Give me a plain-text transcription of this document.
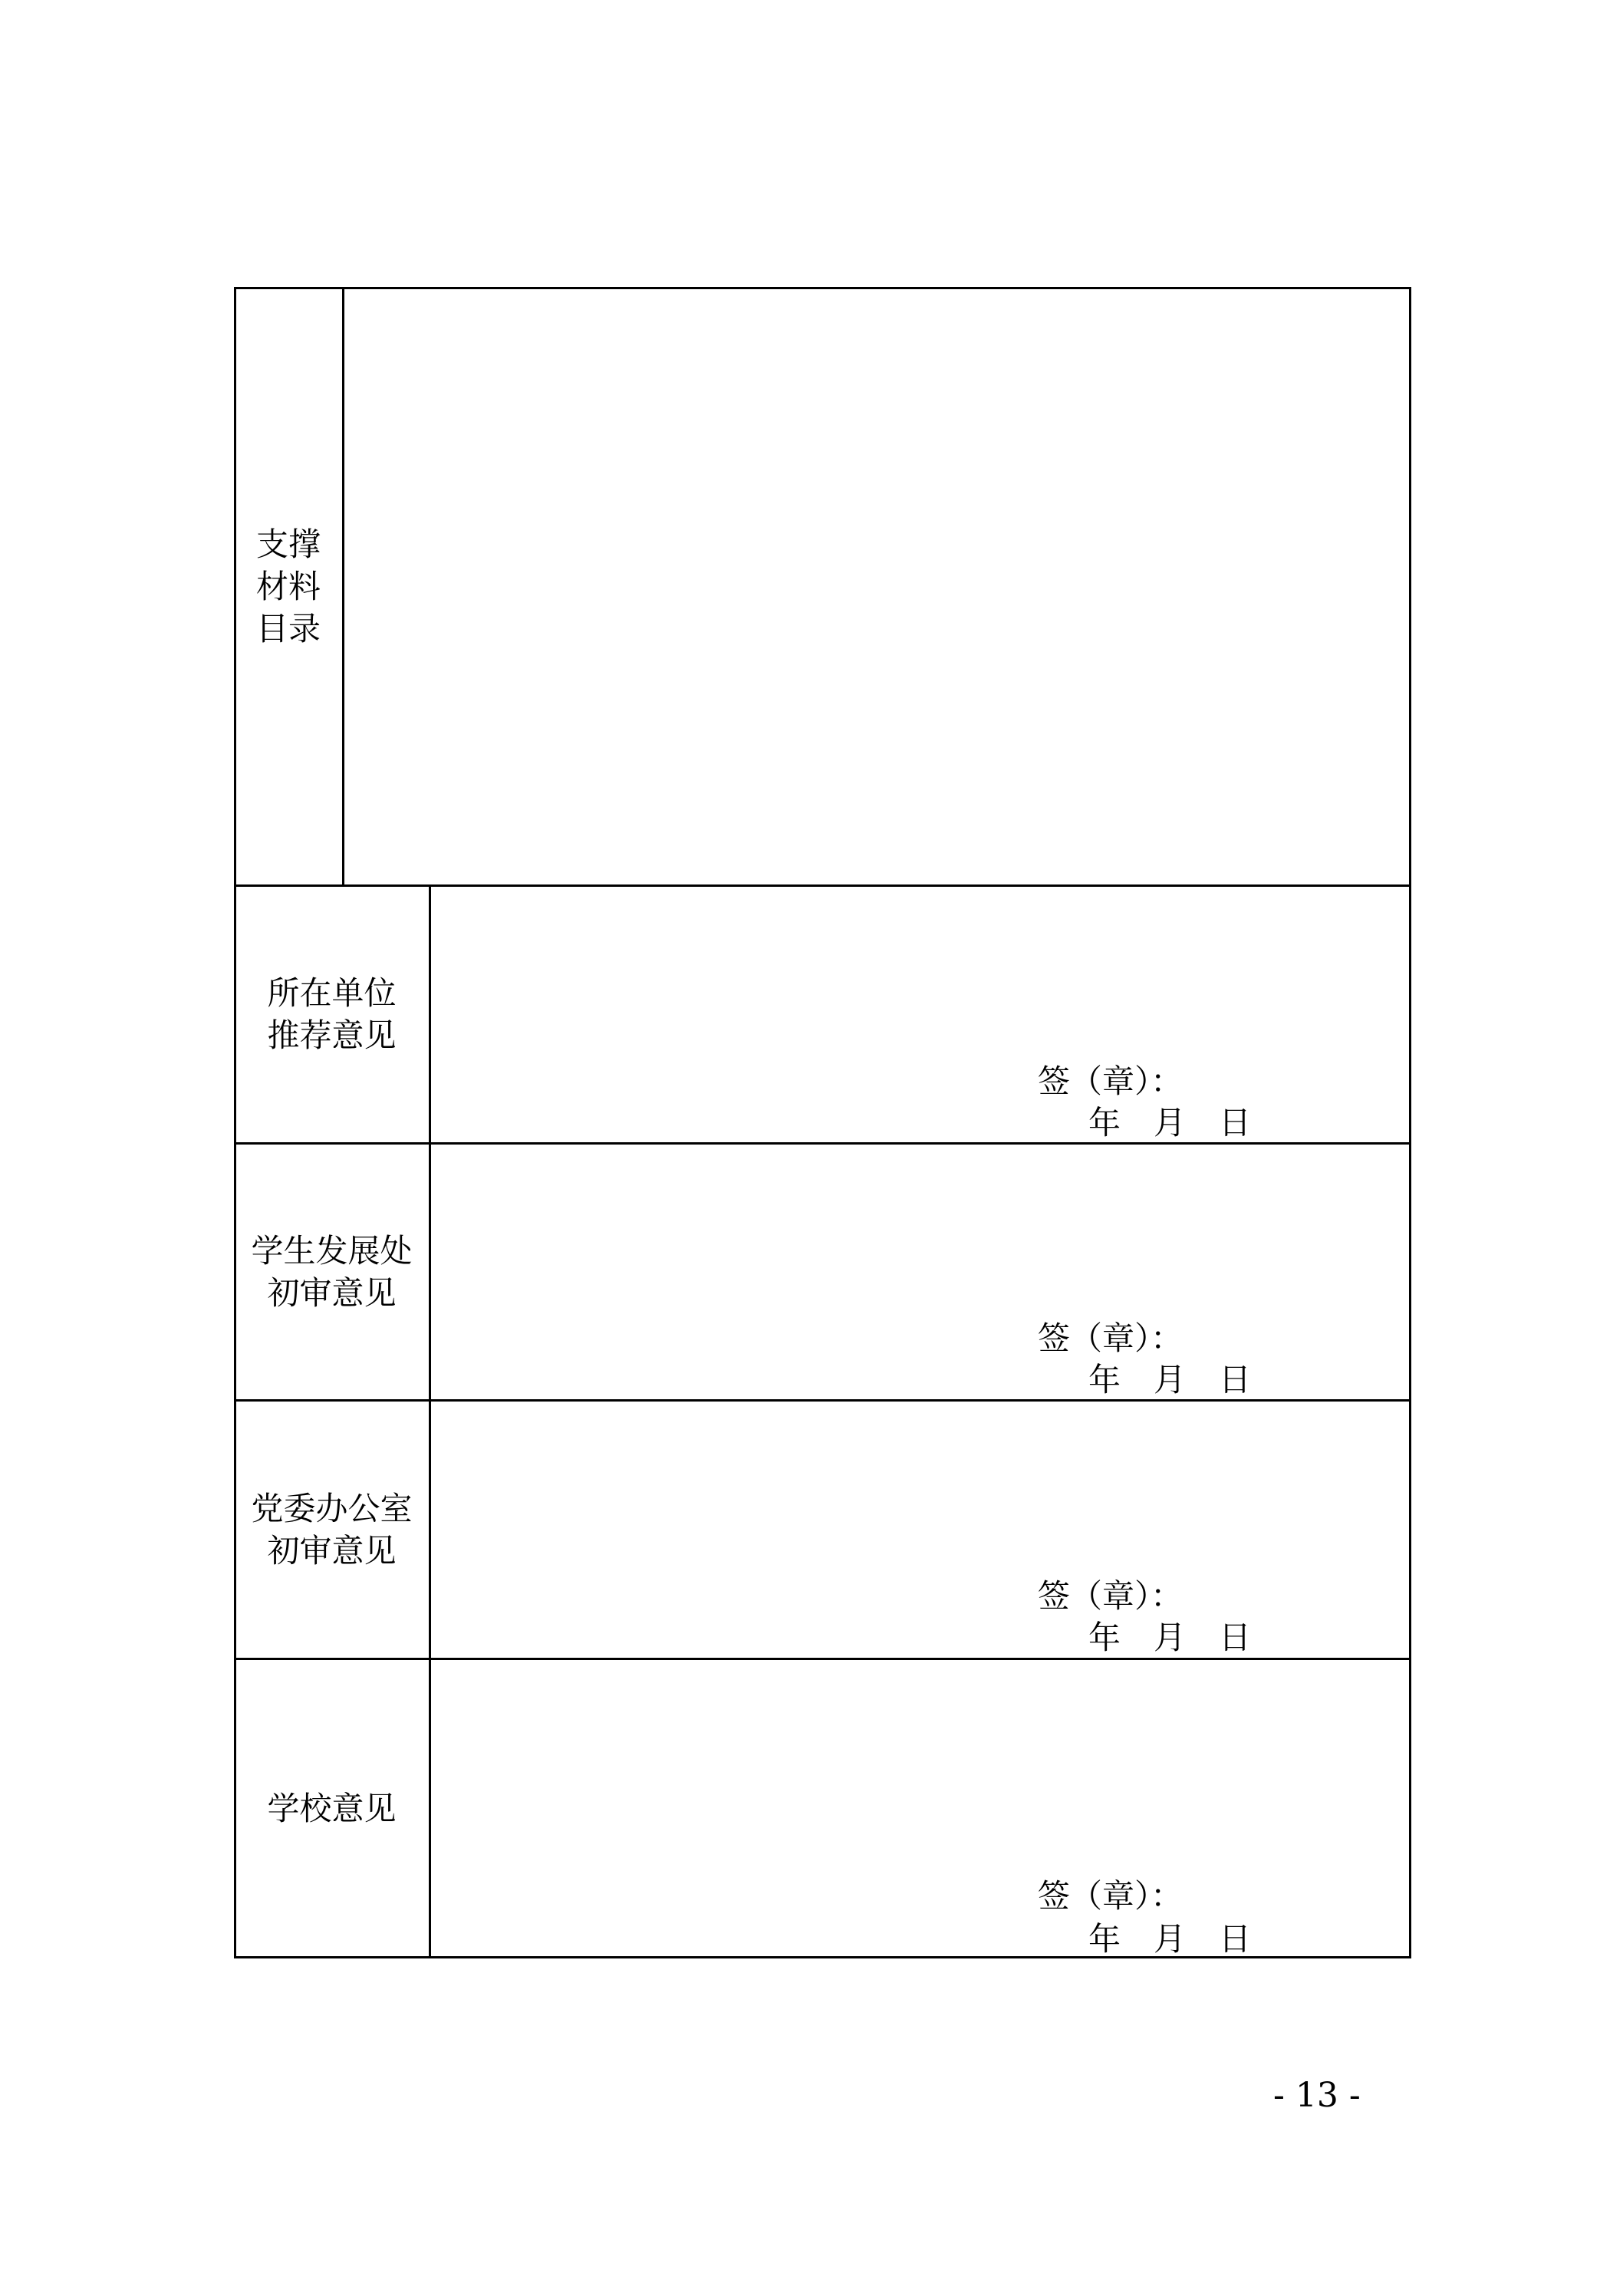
支撑
材料
目录
所在单位
推荐意见
签（章）：
年 月 日
学生发展处
初审意见
签（章）：
年 月 日
党委办公室
初审意见
签（章）：
年 月 日
学校意见
签（章）：
年 月 日
- 13 -
